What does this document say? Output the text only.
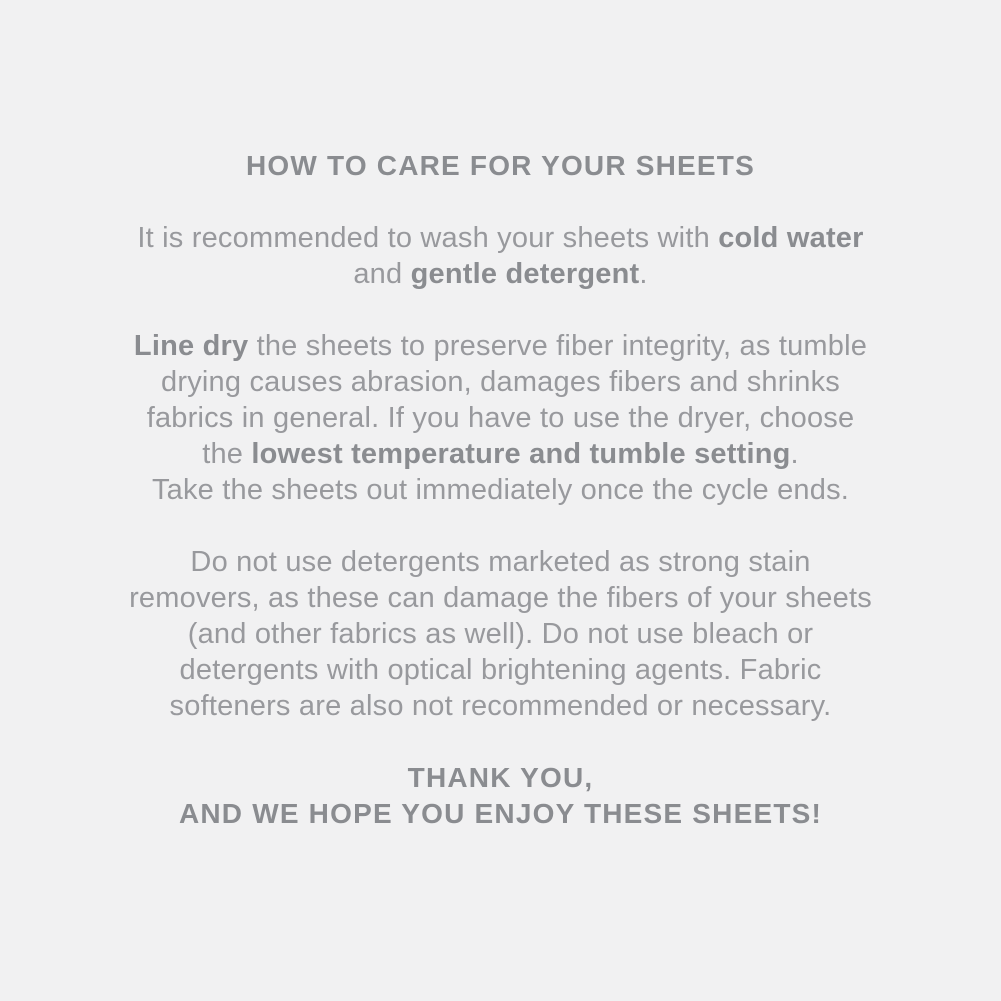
HOW TO CARE FOR YOUR SHEETS

It is recommended to wash your sheets with cold water
and gentle detergent.

Line dry the sheets to preserve fiber integrity, as tumble
drying causes abrasion, damages fibers and shrinks
fabrics in general. If you have to use the dryer, choose
the lowest temperature and tumble setting.
Take the sheets out immediately once the cycle ends.

Do not use detergents marketed as strong stain
removers, as these can damage the fibers of your sheets
(and other fabrics as well). Do not use bleach or
detergents with optical brightening agents. Fabric
softeners are also not recommended or necessary.

THANK YOU,
AND WE HOPE YOU ENJOY THESE SHEETS!
